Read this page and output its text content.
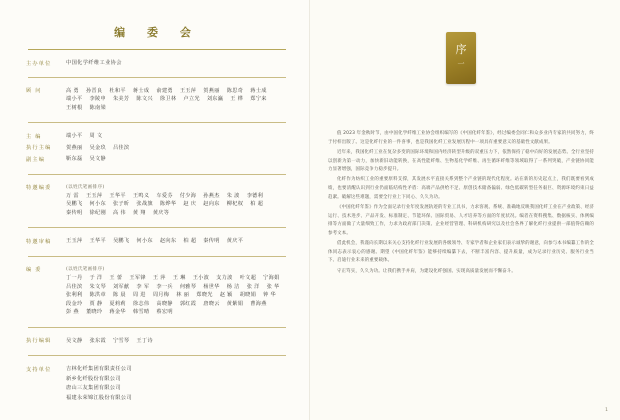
编 委 会
主办单位	中国化学纤维工业协会
顾 问	高 勇 孙晋良 杜和平 蒋士成 俞建勇 王玉萍 贺燕丽 陈思奇 蒋士成
端小平 李陵申 朱美芳 陈文兴 徐卫林 卢立光 刘东瀛 王 桦 郑宁来
王树根 陈南梁
主 编	端小平 周 文
执行主编	贺燕丽 吴金玖 吕佳滨
副主编	靳东磊 吴文静
特邀编委	(以姓氏笔画排序)
万 雷 王玉萍 王华平 王鸣义 车爱芬 付少海 孙燕杰 朱 波 李德利
吴鹏飞 何小东 张子昕 张战旗 陈烨华 赵 庆 赵向东 柳杞权 柏 超
秦传明 徐纪刚 高 伟 黄 翔 黄庆等
特邀审稿	王玉萍 王华平 吴鹏飞 何小东 赵向东 柏 超 秦传明 黄庆平
编 委	(以姓氏笔画排序)
丁一丹 于 洋 王 蕾 王军锋 王 萍 王 琳 王小波 支力波 叶文超 宁海娟
吕佳滨 朱文琴 刘军献 李 军 李一兵 何雅琴 杨世华 杨 洁 张 洋 张 华
张利利 陈洪章 陈 晨 周 进 周月梅 林 丽 郑晓光 赵 颖 胡晓娟 钟 华
段金玲 贾 静 夏莉莉 徐志伟 高晓静 郭红霞 唐晓云 黄紫娟 曹海燕
彭 燕 董晓玲 蒋金华 韩雪晴 蔡宏明
执行编辑	吴文静 张东霞 宁雪琴 王丁诗
支持单位	吉林化纤集团有限责任公司
新乡化纤股份有限公司
唐山三友集团有限公司
福建永荣锦江股份有限公司
序
一

值 2023 年金秋时节，由中国化学纤维工业协会组织编写的《中国化纤年鉴》，经过编委会同仁和众多业内专家的共同努力，终于付梓出版了。这是化纤行业的一件喜事，也是我国化纤工业发展历程中一项具有重要意义的基础性文献成果。

近年来，我国化纤工业在复杂多变的国际环境和国内经济转型升级的双重压力下，依然保持了稳中向好的发展态势。全行业坚持以创新为第一动力，加快新旧动能转换，在高性能纤维、生物基化学纤维、再生循环纤维等领域取得了一系列突破，产业链协同能力显著增强，国际竞争力稳步提升。

化纤作为纺织工业的重要原料支撑，其发展水平直接关系到整个产业链的现代化程度。站在新的历史起点上，我们既要看到成绩，也要清醒认识到行业仍面临结构性矛盾：高端产品供给不足、原创技术储备偏弱、绿色低碳转型任务艰巨、资源环境约束日益趋紧。破解这些难题，需要全行业上下同心、久久为功。

《中国化纤年鉴》作为全面记录行业年度发展轨迹的专业工具书，力求客观、系统、准确地反映我国化纤工业在产业政策、经济运行、技术进步、产品开发、标准制定、节能环保、国际贸易、人才培养等方面的年度状况。编者在资料搜集、数据核实、体例编排等方面做了大量细致工作，力求为政府部门决策、企业经营管理、科研机构研究以及社会各界了解化纤行业提供一部值得信赖的参考文本。

借此机会，我谨向长期以来关心支持化纤行业发展的各级领导、专家学者和企业家们表示诚挚的谢意，向参与本书编纂工作的全体同志表示衷心的感谢。期望《中国化纤年鉴》能够持续编纂下去，不断丰富内容、提升质量，成为记录行业历史、服务行业当下、启迪行业未来的重要载体。

守正笃实，久久为功。让我们携手并肩，为建设化纤强国、实现高质量发展而不懈奋斗。

1
